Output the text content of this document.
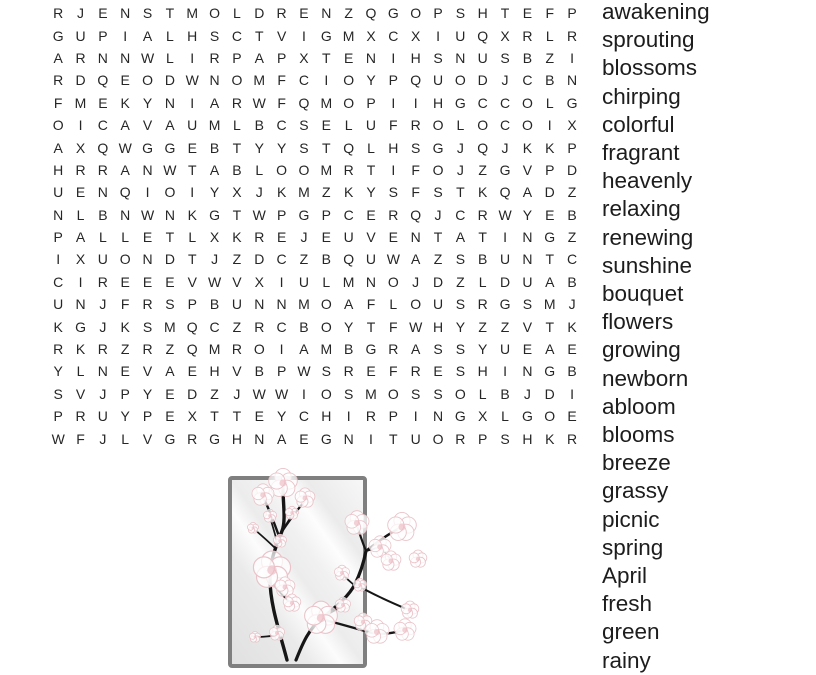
R J	E N S T M O L D R E N Z Q G O P S H T E F P
G U P	I	A L H S C T V	I	G M X C X	I	U Q X R L R
A R N N W L	I	R P A P X T E N	I	H S N U S B Z	I
R D Q E O D W N O M F C	I	O Y P Q U O D J C B N
F M E K Y N	I	A R W F Q M O P	I	I	H G C C O L G
O	I	C A V A U M L B C S E L U F R O L O C O	I	X
A X Q W G G E B T Y Y S T Q L H S G J Q J	K K P
H R R A N W T A B L O O M R T	I	F O J	Z G V P D
U E N Q	I	O	I	Y X	J	K M Z K Y S F S T K Q A D Z
N L B N W N K G T W P G P C E R Q J C R W Y E B
P A L	L E T	L X K R E	J	E U V E N T A T	I	N G Z
I	X U O N D T	J	Z D C Z B Q U W A Z S B U N T C
C	I	R E E E V W V X	I	U L M N O J D Z	L D U A B
U N J	F R S P B U N N M O A F	L O U S R G S M J
K G J	K S M Q C Z R C B O Y T F W H Y Z Z V T K
R K R Z R Z Q M R O	I	A M B G R A S S Y U E A E
Y L N E V A E H V B P W S R E F R E S H	I	N G B
S V	J	P Y E D Z	J W W I	O S M O S S O L B	J D	I
P R U Y P E X T T E Y C H	I	R P	I	N G X L G O E
W F	J	L V G R G H N A E G N	I	T U O R P S H K R
awakening
sprouting
blossoms
chirping
colorful
fragrant
heavenly
relaxing
renewing
sunshine
bouquet
flowers
growing
newborn
abloom
blooms
breeze
grassy
picnic
spring
April
fresh
green
rainy
